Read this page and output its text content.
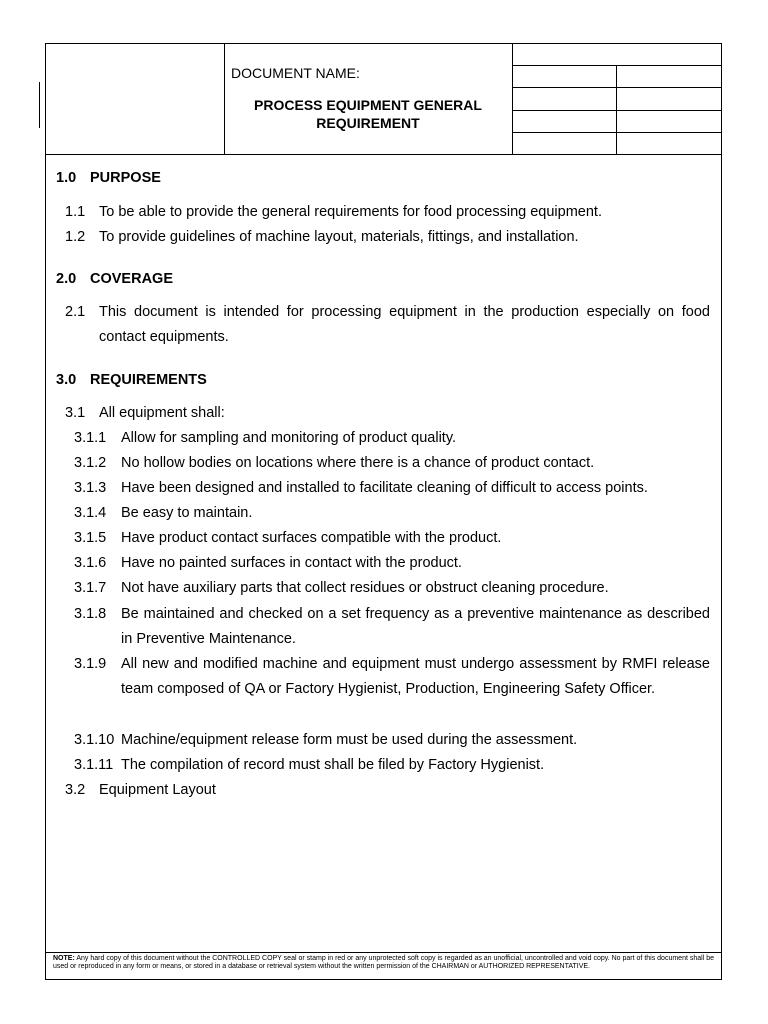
DOCUMENT NAME:
PROCESS EQUIPMENT GENERAL
REQUIREMENT

1.0 PURPOSE
1.1 To be able to provide the general requirements for food processing equipment.
1.2 To provide guidelines of machine layout, materials, fittings, and installation.
2.0 COVERAGE
2.1 This document is intended for processing equipment in the production especially on food contact equipments.
3.0 REQUIREMENTS
3.1 All equipment shall:
3.1.1 Allow for sampling and monitoring of product quality.
3.1.2 No hollow bodies on locations where there is a chance of product contact.
3.1.3 Have been designed and installed to facilitate cleaning of difficult to access points.
3.1.4 Be easy to maintain.
3.1.5 Have product contact surfaces compatible with the product.
3.1.6 Have no painted surfaces in contact with the product.
3.1.7 Not have auxiliary parts that collect residues or obstruct cleaning procedure.
3.1.8 Be maintained and checked on a set frequency as a preventive maintenance as described in Preventive Maintenance.
3.1.9 All new and modified machine and equipment must undergo assessment by RMFI release team composed of QA or Factory Hygienist, Production, Engineering Safety Officer.
3.1.10 Machine/equipment release form must be used during the assessment.
3.1.11 The compilation of record must shall be filed by Factory Hygienist.
3.2 Equipment Layout
NOTE: Any hard copy of this document without the CONTROLLED COPY seal or stamp in red or any unprotected soft copy is regarded as an unofficial, uncontrolled and void copy. No part of this document shall be used or reproduced in any form or means, or stored in a database or retrieval system without the written permission of the CHAIRMAN or AUTHORIZED REPRESENTATIVE.
